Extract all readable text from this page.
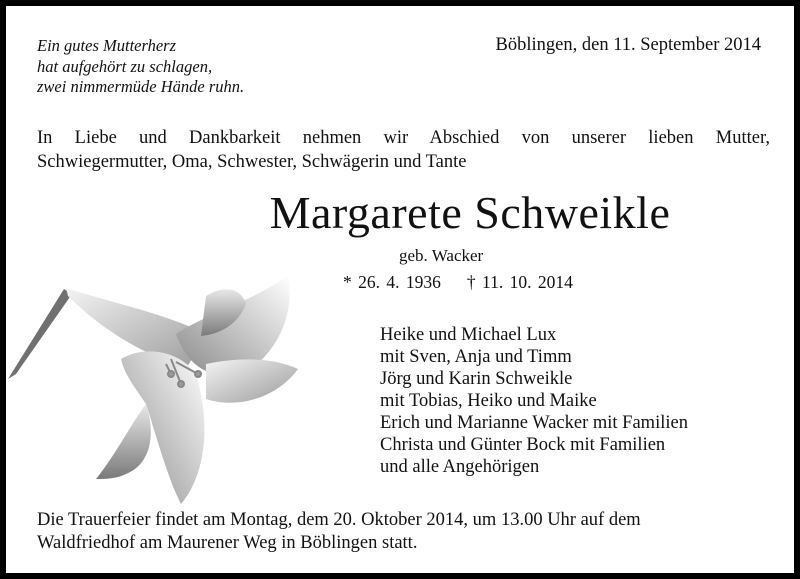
Ein gutes Mutterherz
hat aufgehört zu schlagen,
zwei nimmermüde Hände ruhn.
Böblingen, den 11. September 2014
In Liebe und Dankbarkeit nehmen wir Abschied von unserer lieben Mutter,
Schwiegermutter, Oma, Schwester, Schwägerin und Tante
Margarete Schweikle
geb. Wacker
* 26. 4. 1936 † 11. 10. 2014
Heike und Michael Lux
mit Sven, Anja und Timm
Jörg und Karin Schweikle
mit Tobias, Heiko und Maike
Erich und Marianne Wacker mit Familien
Christa und Günter Bock mit Familien
und alle Angehörigen
Die Trauerfeier findet am Montag, dem 20. Oktober 2014, um 13.00 Uhr auf dem
Waldfriedhof am Maurener Weg in Böblingen statt.
